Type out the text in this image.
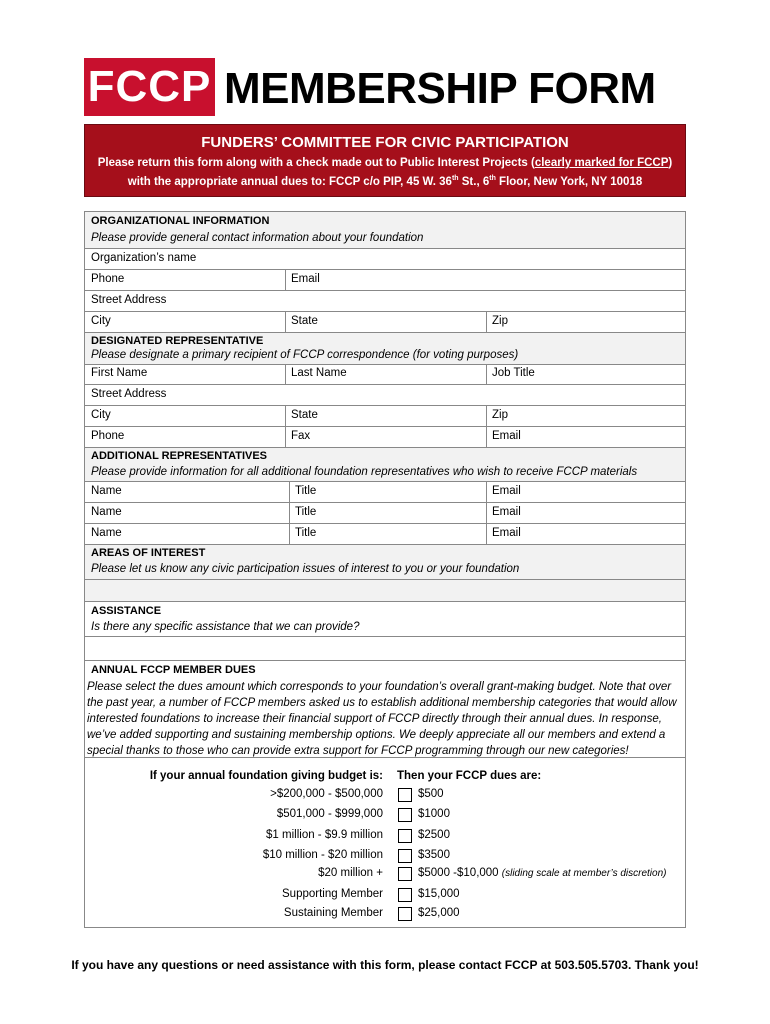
FCCP MEMBERSHIP FORM
FUNDERS’ COMMITTEE FOR CIVIC PARTICIPATION
Please return this form along with a check made out to Public Interest Projects (clearly marked for FCCP)
with the appropriate annual dues to: FCCP c/o PIP, 45 W. 36th St., 6th Floor, New York, NY 10018
ORGANIZATIONAL INFORMATION
Please provide general contact information about your foundation
Organization’s name
Phone	Email
Street Address
City	State	Zip
DESIGNATED REPRESENTATIVE
Please designate a primary recipient of FCCP correspondence (for voting purposes)
First Name	Last Name	Job Title
Street Address
City	State	Zip
Phone	Fax	Email
ADDITIONAL REPRESENTATIVES
Please provide information for all additional foundation representatives who wish to receive FCCP materials
Name	Title	Email
Name	Title	Email
Name	Title	Email
AREAS OF INTEREST
Please let us know any civic participation issues of interest to you or your foundation
ASSISTANCE
Is there any specific assistance that we can provide?
ANNUAL FCCP MEMBER DUES
Please select the dues amount which corresponds to your foundation’s overall grant-making budget. Note that over the past year, a number of FCCP members asked us to establish additional membership categories that would allow interested foundations to increase their financial support of FCCP directly through their annual dues. In response, we’ve added supporting and sustaining membership options. We deeply appreciate all our members and extend a special thanks to those who can provide extra support for FCCP programming through our new categories!
If your annual foundation giving budget is: Then your FCCP dues are:
>$200,000 - $500,000	$500
$501,000 - $999,000	$1000
$1 million - $9.9 million	$2500
$10 million - $20 million	$3500
$20 million +	$5000 -$10,000 (sliding scale at member’s discretion)
Supporting Member	$15,000
Sustaining Member	$25,000
If you have any questions or need assistance with this form, please contact FCCP at 503.505.5703. Thank you!
